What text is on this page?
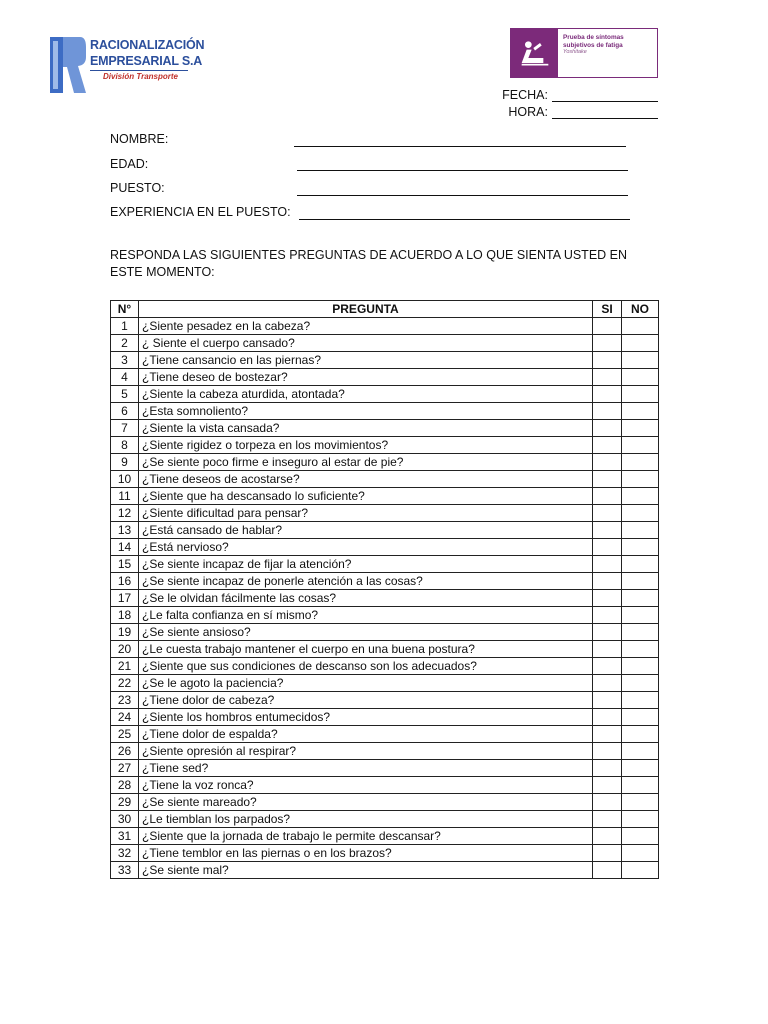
RACIONALIZACIÓN
EMPRESARIAL S.A
División Transporte
Prueba de síntomas
subjetivos de fatiga
Yoshitake
FECHA:
HORA:
NOMBRE:
EDAD:
PUESTO:
EXPERIENCIA EN EL PUESTO:
RESPONDA LAS SIGUIENTES PREGUNTAS DE ACUERDO A LO QUE SIENTA USTED EN ESTE MOMENTO:
N°	PREGUNTA	SI	NO
1	¿Siente pesadez en la cabeza?		
2	¿ Siente el cuerpo cansado?		
3	¿Tiene cansancio en las piernas?		
4	¿Tiene deseo de bostezar?		
5	¿Siente la cabeza aturdida, atontada?		
6	¿Esta somnoliento?		
7	¿Siente la vista cansada?		
8	¿Siente rigidez o torpeza en los movimientos?		
9	¿Se siente poco firme e inseguro al estar de pie?		
10	¿Tiene deseos de acostarse?		
11	¿Siente que ha descansado lo suficiente?		
12	¿Siente dificultad para pensar?		
13	¿Está cansado de hablar?		
14	¿Está nervioso?		
15	¿Se siente incapaz de fijar la atención?		
16	¿Se siente incapaz de ponerle atención a las cosas?		
17	¿Se le olvidan fácilmente las cosas?		
18	¿Le falta confianza en sí mismo?		
19	¿Se siente ansioso?		
20	¿Le cuesta trabajo mantener el cuerpo en una buena postura?		
21	¿Siente que sus condiciones de descanso son los adecuados?		
22	¿Se le agoto la paciencia?		
23	¿Tiene dolor de cabeza?		
24	¿Siente los hombros entumecidos?		
25	¿Tiene dolor de espalda?		
26	¿Siente opresión al respirar?		
27	¿Tiene sed?		
28	¿Tiene la voz ronca?		
29	¿Se siente mareado?		
30	¿Le tiemblan los parpados?		
31	¿Siente que la jornada de trabajo le permite descansar?		
32	¿Tiene temblor en las piernas o en los brazos?		
33	¿Se siente mal?		
